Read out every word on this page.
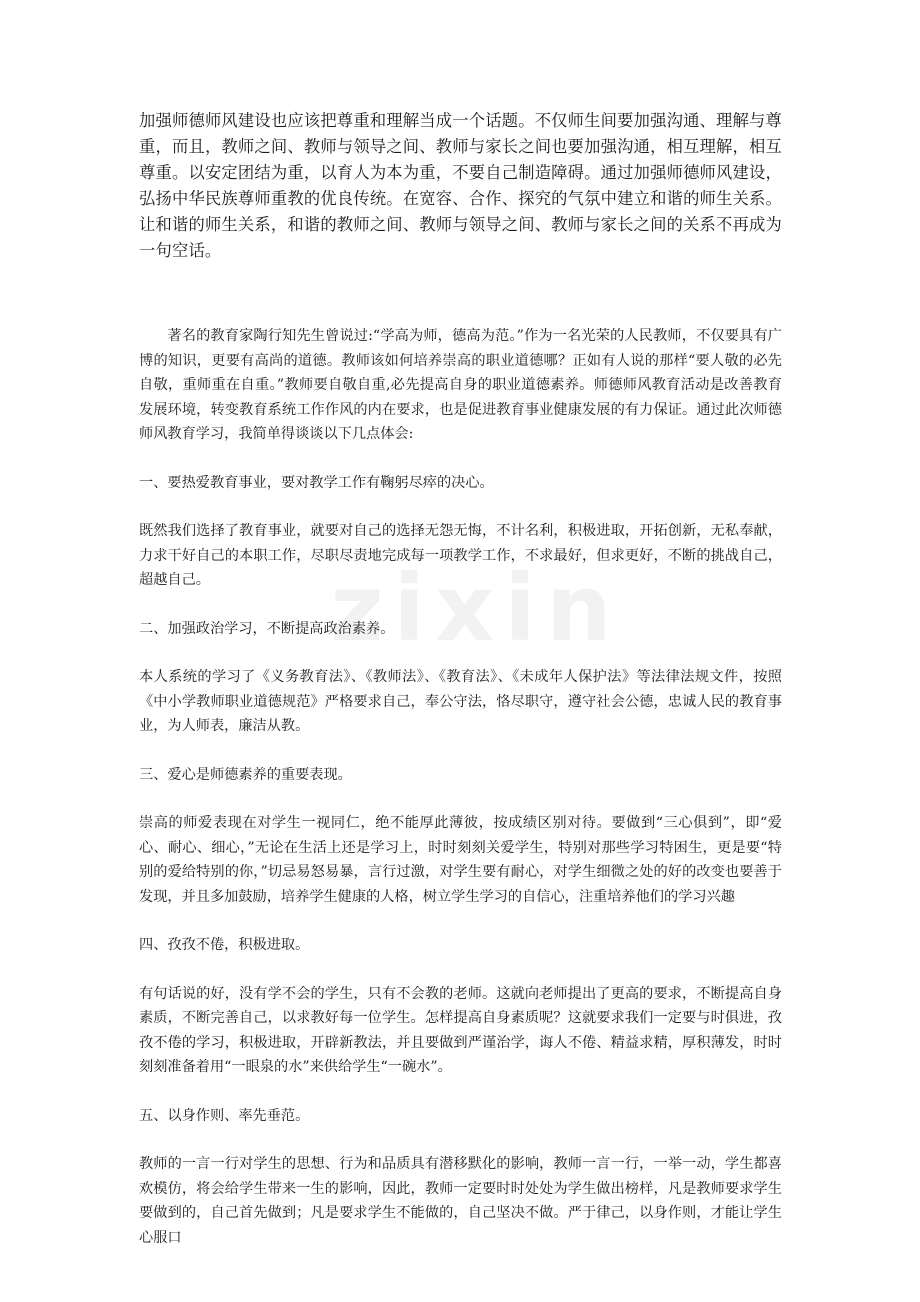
zixin

加强师德师风建设也应该把尊重和理解当成一个话题。不仅师生间要加强沟通、理解与尊重，而且，教师之间、教师与领导之间、教师与家长之间也要加强沟通，相互理解，相互尊重。以安定团结为重，以育人为本为重，不要自己制造障碍。通过加强师德师风建设，弘扬中华民族尊师重教的优良传统。在宽容、合作、探究的气氛中建立和谐的师生关系。让和谐的师生关系，和谐的教师之间、教师与领导之间、教师与家长之间的关系不再成为一句空话。

著名的教育家陶行知先生曾说过:“学高为师，德高为范。”作为一名光荣的人民教师，不仅要具有广博的知识，更要有高尚的道德。教师该如何培养崇高的职业道德哪？正如有人说的那样“要人敬的必先自敬，重师重在自重。”教师要自敬自重,必先提高自身的职业道德素养。师德师风教育活动是改善教育发展环境，转变教育系统工作作风的内在要求，也是促进教育事业健康发展的有力保证。通过此次师德师风教育学习，我简单得谈谈以下几点体会:

一、要热爱教育事业，要对教学工作有鞠躬尽瘁的决心。

既然我们选择了教育事业，就要对自己的选择无怨无悔，不计名利，积极进取，开拓创新，无私奉献，力求干好自己的本职工作，尽职尽责地完成每一项教学工作，不求最好，但求更好，不断的挑战自己，超越自己。

二、加强政治学习，不断提高政治素养。

本人系统的学习了《义务教育法》、《教师法》、《教育法》、《未成年人保护法》等法律法规文件，按照《中小学教师职业道德规范》严格要求自己，奉公守法，恪尽职守，遵守社会公德，忠诚人民的教育事业，为人师表，廉洁从教。

三、爱心是师德素养的重要表现。

崇高的师爱表现在对学生一视同仁，绝不能厚此薄彼，按成绩区别对待。要做到“三心俱到”，即“爱心、耐心、细心，”无论在生活上还是学习上，时时刻刻关爱学生，特别对那些学习特困生，更是要“特别的爱给特别的你，”切忌易怒易暴，言行过激，对学生要有耐心，对学生细微之处的好的改变也要善于发现，并且多加鼓励，培养学生健康的人格，树立学生学习的自信心，注重培养他们的学习兴趣

四、孜孜不倦，积极进取。

有句话说的好，没有学不会的学生，只有不会教的老师。这就向老师提出了更高的要求，不断提高自身素质，不断完善自己，以求教好每一位学生。怎样提高自身素质呢？这就要求我们一定要与时俱进，孜孜不倦的学习，积极进取，开辟新教法，并且要做到严谨治学，诲人不倦、精益求精，厚积薄发，时时刻刻准备着用“一眼泉的水”来供给学生“一碗水”。

五、以身作则、率先垂范。

教师的一言一行对学生的思想、行为和品质具有潜移默化的影响，教师一言一行，一举一动，学生都喜欢模仿，将会给学生带来一生的影响，因此，教师一定要时时处处为学生做出榜样，凡是教师要求学生要做到的，自己首先做到；凡是要求学生不能做的，自己坚决不做。严于律己，以身作则，才能让学生心服口
